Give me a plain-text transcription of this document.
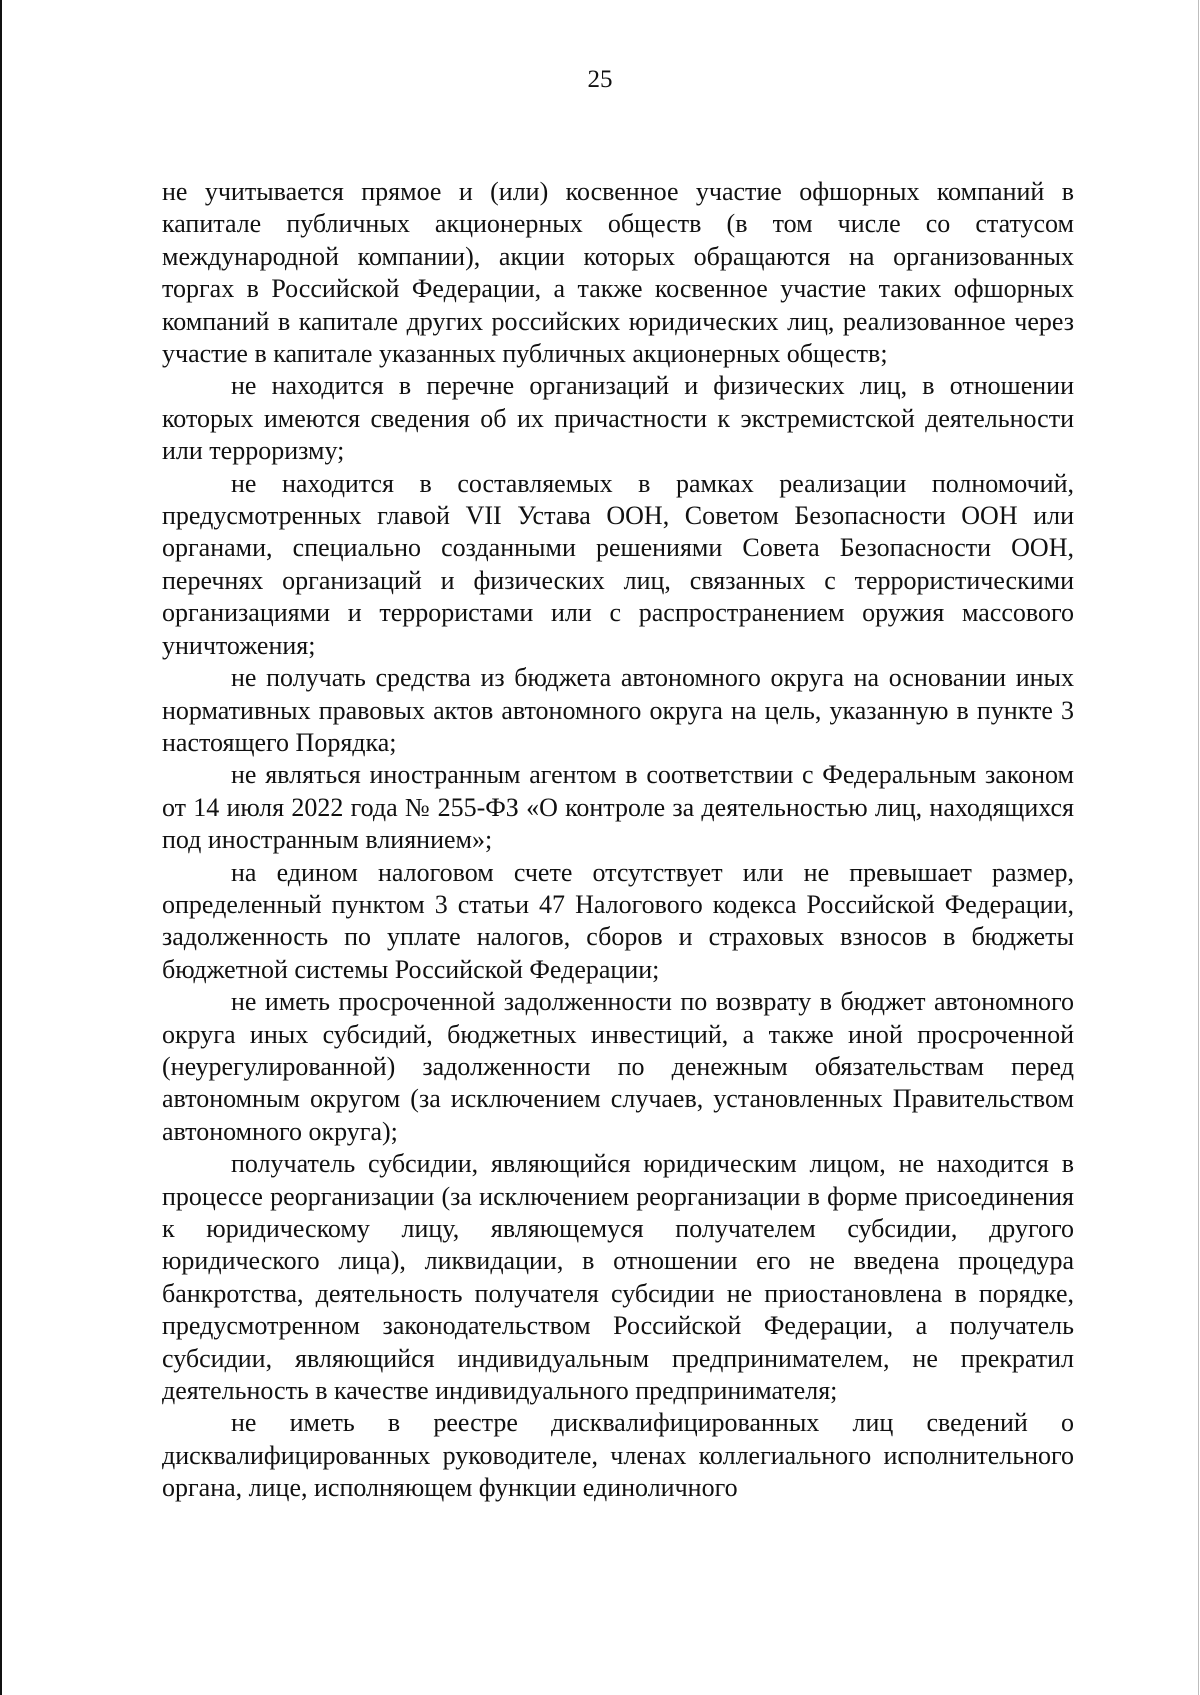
25

не учитывается прямое и (или) косвенное участие офшорных компаний в капитале публичных акционерных обществ (в том числе со статусом международной компании), акции которых обращаются на организованных торгах в Российской Федерации, а также косвенное участие таких офшорных компаний в капитале других российских юридических лиц, реализованное через участие в капитале указанных публичных акционерных обществ;

не находится в перечне организаций и физических лиц, в отношении которых имеются сведения об их причастности к экстремистской деятельности или терроризму;

не находится в составляемых в рамках реализации полномочий, предусмотренных главой VII Устава ООН, Советом Безопасности ООН или органами, специально созданными решениями Совета Безопасности ООН, перечнях организаций и физических лиц, связанных с террористическими организациями и террористами или с распространением оружия массового уничтожения;

не получать средства из бюджета автономного округа на основании иных нормативных правовых актов автономного округа на цель, указанную в пункте 3 настоящего Порядка;

не являться иностранным агентом в соответствии с Федеральным законом от 14 июля 2022 года № 255-ФЗ «О контроле за деятельностью лиц, находящихся под иностранным влиянием»;

на едином налоговом счете отсутствует или не превышает размер, определенный пунктом 3 статьи 47 Налогового кодекса Российской Федерации, задолженность по уплате налогов, сборов и страховых взносов в бюджеты бюджетной системы Российской Федерации;

не иметь просроченной задолженности по возврату в бюджет автономного округа иных субсидий, бюджетных инвестиций, а также иной просроченной (неурегулированной) задолженности по денежным обязательствам перед автономным округом (за исключением случаев, установленных Правительством автономного округа);

получатель субсидии, являющийся юридическим лицом, не находится в процессе реорганизации (за исключением реорганизации в форме присоединения к юридическому лицу, являющемуся получателем субсидии, другого юридического лица), ликвидации, в отношении его не введена процедура банкротства, деятельность получателя субсидии не приостановлена в порядке, предусмотренном законодательством Российской Федерации, а получатель субсидии, являющийся индивидуальным предпринимателем, не прекратил деятельность в качестве индивидуального предпринимателя;

не иметь в реестре дисквалифицированных лиц сведений о дисквалифицированных руководителе, членах коллегиального исполнительного органа, лице, исполняющем функции единоличного
